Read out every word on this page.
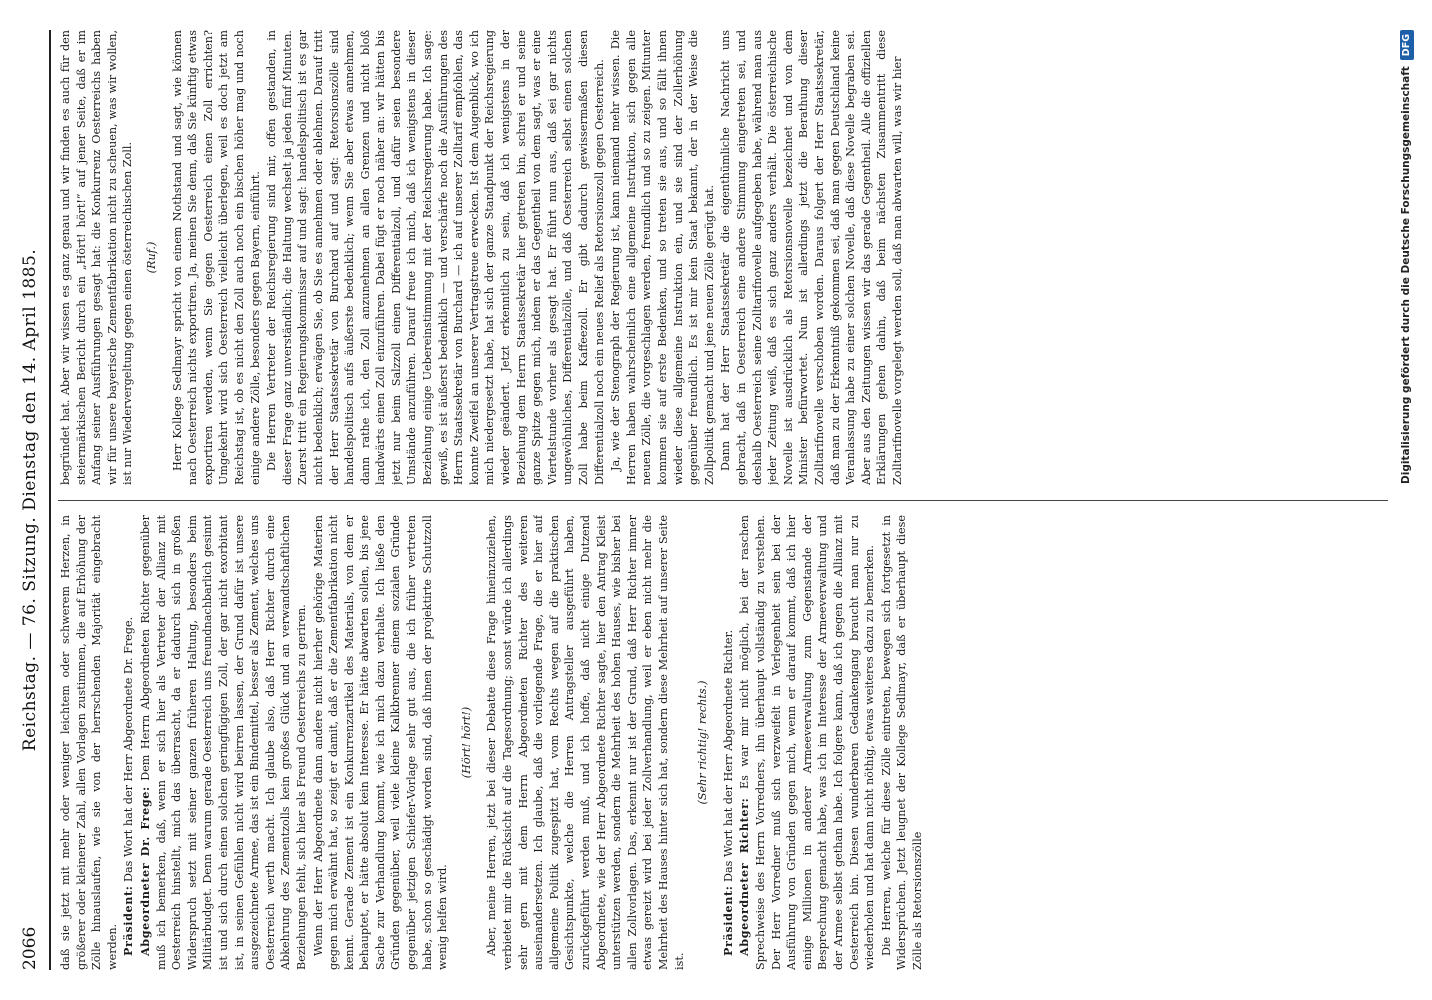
2066
Reichstag. — 76. Sitzung. Dienstag den 14. April 1885. daß sie jetzt mit mehr oder weniger leichtem oder schwerem Herzen, in größerer oder kleinerer Zahl, allen Vorlagen zustimmen, die auf Erhöhung der Zölle hinauslaufen, wie sie von der herrschenden Majorität eingebracht werden. Präsident: Das Wort hat der Herr Abgeordnete Dr. Frege. Abgeordneter Dr. Frege: Dem Herrn Abgeordneten Richter gegenüber muß ich bemerken, daß, wenn er sich hier als Vertreter der Allianz mit Oesterreich hinstellt, mich das überrascht, da er dadurch sich in großen Widerspruch setzt mit seiner ganzen früheren Haltung, besonders beim Militärbudget. Denn warum gerade Oesterreich uns freundnachbarlich gesinnt ist und sich durch einen solchen geringfügigen Zoll, der gar nicht exorbitant ist, in seinen Gefühlen nicht wird beirren lassen, der Grund dafür ist unsere ausgezeichnete Armee, das ist ein Bindemittel, besser als Zement, welches uns Oesterreich werth macht. Ich glaube also, daß Herr Richter durch eine Abkehrung des Zementzolls kein großes Glück und an verwandtschaftlichen Beziehungen fehlt, sich hier als Freund Oesterreichs zu geriren. Wenn der Herr Abgeordnete dann andere nicht hierher gehörige Materien gegen mich erwähnt hat, so zeigt er damit, daß er die Zementfabrikation nicht kennt. Gerade Zement ist ein Konkurrenzartikel des Materials, von dem er behauptet, er hätte absolut kein Interesse. Er hätte abwarten sollen, bis jene Sache zur Verhandlung kommt, wie ich mich dazu verhalte. Ich ließe den Gründen gegenüber, weil viele kleine Kalkbrenner einem sozialen Gründe gegenüber jetzigen Schiefer-Vorlage sehr gut aus, die ich früher vertreten habe, schon so geschädigt worden sind, daß ihnen der projektirte Schutzzoll wenig helfen wird.

(Hört! hört!) Aber, meine Herren, jetzt bei dieser Debatte diese Frage hineinzuziehen, verbietet mir die Rücksicht auf die Tagesordnung; sonst würde ich allerdings sehr gern mit dem Herrn Abgeordneten Richter des weiteren auseinandersetzen. Ich glaube, daß die vorliegende Frage, die er hier auf allgemeine Politik zugespitzt hat, vom Rechts wegen auf die praktischen Gesichtspunkte, welche die Herren Antragsteller ausgeführt haben, zurückgeführt werden muß, und ich hoffe, daß nicht einige Dutzend Abgeordnete, wie der Herr Abgeordnete Richter sagte, hier den Antrag Kleist unterstützen werden, sondern die Mehrheit des hohen Hauses, wie bisher bei allen Zollvorlagen. Das, erkennt nur ist der Grund, daß Herr Richter immer etwas gereizt wird bei jeder Zollverhandlung, weil er eben nicht mehr die Mehrheit des Hauses hinter sich hat, sondern diese Mehrheit auf unserer Seite ist.

(Sehr richtig! rechts.)

Präsident: Das Wort hat der Herr Abgeordnete Richter. Abgeordneter Richter: Es war mir nicht möglich, bei der raschen Sprechweise des Herrn Vorredners, ihn überhaupt vollständig zu verstehen. Der Herr Vorredner muß sich verzweifelt in Verlegenheit sein bei der Ausführung von Gründen gegen mich, wenn er darauf kommt, daß ich hier einige Millionen in anderer Armeeverwaltung zum Gegenstande der Besprechung gemacht habe, was ich im Interesse der Armeeverwaltung und der Armee selbst gethan habe. Ich folgere kann, daß ich gegen die Allianz mit Oesterreich bin. Diesen wunderbaren Gedankengang braucht man nur zu wiederholen und hat dann nicht nöthig, etwas weiteres dazu zu bemerken. Die Herren, welche für diese Zölle eintreten, bewegen sich fortgesetzt in Widersprüchen. Jetzt leugnet der Kollege Sedlmayr, daß er überhaupt diese Zölle als Retorsionszölle

begründet hat. Aber wir wissen es ganz genau und wir finden es auch für den steiermärkischen Bericht durch ein „Hört! hört!“ auf jener Seite, daß er im Anfang seiner Ausführungen gesagt hat: die Konkurrenz Oesterreichs haben wir für unsere bayerische Zementfabrikation nicht zu scheuen, was wir wollen, ist nur Wiedervergeltung gegen einen österreichischen Zoll. (Ruf.) Herr Kollege Sedlmayr spricht von einem Nothstand und sagt, wie können nach Oesterreich nichts exportiren. Ja, meinen Sie denn, daß Sie künftig etwas exportiren werden, wenn Sie gegen Oesterreich einen Zoll errichten? Umgekehrt wird sich Oesterreich vielleicht überlegen, weil es doch jetzt am Reichstag ist, ob es nicht den Zoll auch noch ein bischen höher mag und noch einige andere Zölle, besonders gegen Bayern, einführt. Die Herren Vertreter der Reichsregierung sind mir, offen gestanden, in dieser Frage ganz unverständlich; die Haltung wechselt ja jeden fünf Minuten. Zuerst tritt ein Regierungskommissar auf und sagt: handelspolitisch ist es gar nicht bedenklich; erwägen Sie, ob Sie es annehmen oder ablehnen. Darauf tritt der Herr Staatssekretär von Burchard auf und sagt: Retorsionszölle sind handelspolitisch aufs äußerste bedenklich; wenn Sie aber etwas annehmen, dann rathe ich, den Zoll anzunehmen an allen Grenzen und nicht bloß landwärts einen Zoll einzuführen. Dabei fügt er noch näher an: wir hätten bis jetzt nur beim Salzzoll einen Differentialzoll, und dafür seien besondere Umstände anzuführen. Darauf freue ich mich, daß ich wenigstens in dieser Beziehung einige Uebereinstimmung mit der Reichsregierung habe. Ich sage: gewiß, es ist äußerst bedenklich — und verschärfe noch die Ausführungen des Herrn Staatssekretär von Burchard — ich auf unserer Zolltarif empfohlen, das konnte Zweifel an unserer Vertragstreue erwecken. Ist dem Augenblick, wo ich mich niedergesetzt habe, hat sich der ganze Standpunkt der Reichsregierung wieder geändert. Jetzt erkenntlich zu sein, daß ich wenigstens in der Beziehung dem Herrn Staatssekretär hier getreten bin, schrei er und seine ganze Spitze gegen mich, indem er das Gegentheil von dem sagt, was er eine Viertelstunde vorher als gesagt hat. Er führt nun aus, daß sei gar nichts ungewöhnliches, Differentialzölle, und daß Oesterreich selbst einen solchen Zoll habe beim Kaffeezoll. Er gibt dadurch gewissermaßen diesen Differentialzoll noch ein neues Relief als Retorsionszoll gegen Oesterreich. Ja, wie der Stenograph der Regierung ist, kann niemand mehr wissen. Die Herren haben wahrscheinlich eine allgemeine Instruktion, sich gegen alle neuen Zölle, die vorgeschlagen werden, freundlich und so zu zeigen. Mitunter kommen sie auf erste Bedenken, und so treten sie aus, und so fällt ihnen wieder diese allgemeine Instruktion ein, und sie sind der Zollerhöhung gegenüber freundlich. Es ist mir kein Staat bekannt, der in der Weise die Zollpolitik gemacht und jene neuen Zölle gerügt hat. Dann hat der Herr Staatssekretär die eigenthümliche Nachricht uns gebracht, daß in Oesterreich eine andere Stimmung eingetreten sei, und deshalb Oesterreich seine Zolltarifnovelle aufgegeben habe, während man aus jeder Zeitung weiß, daß es sich ganz anders verhält. Die österreichische Novelle ist ausdrücklich als Retorsionsnovelle bezeichnet und von dem Minister befürwortet. Nun ist allerdings jetzt die Berathung dieser Zolltarifnovelle verschoben worden. Daraus folgert der Herr Staatssekretär, daß man zu der Erkenntniß gekommen sei, daß man gegen Deutschland keine Veranlassung habe zu einer solchen Novelle, daß diese Novelle begraben sei. Aber aus den Zeitungen wissen wir das gerade Gegentheil. Alle die offiziellen Erklärungen gehen dahin, daß beim nächsten Zusammentritt diese Zolltarifnovelle vorgelegt werden soll, daß man abwarten will, was wir hier	Digitalisierung gefördert durch die Deutsche ForschungsgemeinschaftDFG
